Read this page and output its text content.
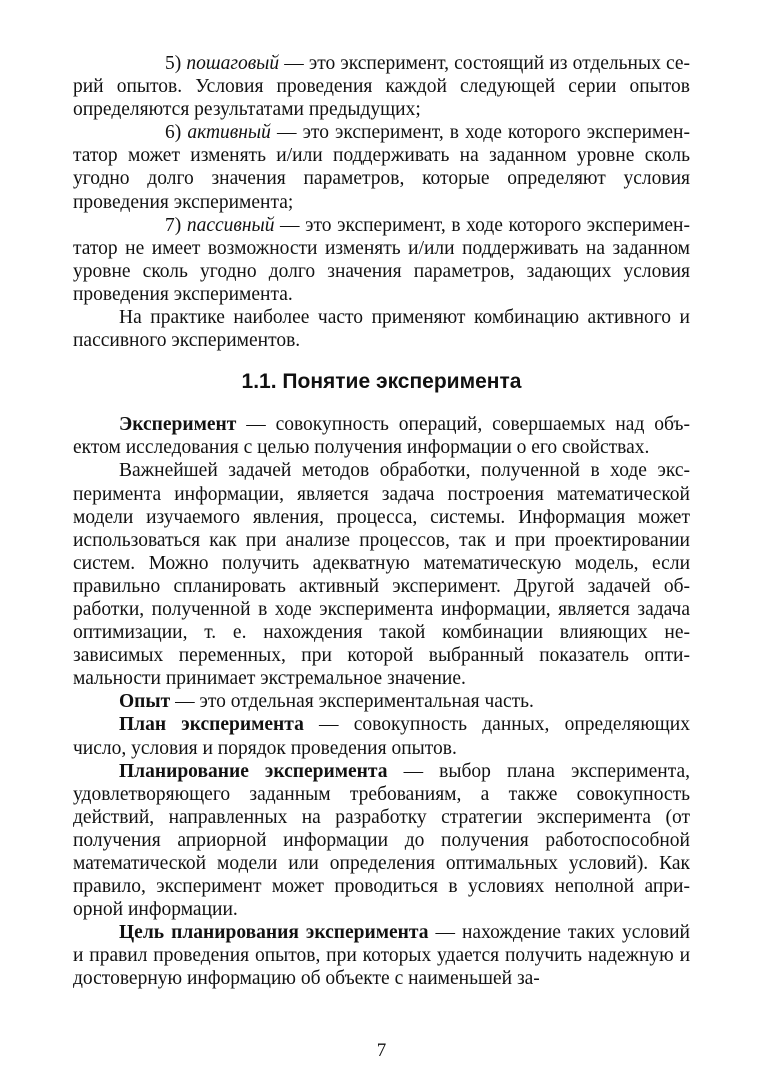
5) пошаговый — это эксперимент, состоящий из отдельных серий опытов. Условия проведения каждой следующей серии опытов определяются результатами предыдущих;

6) активный — это эксперимент, в ходе которого экспериментатор может изменять и/или поддерживать на заданном уровне сколь угодно долго значения параметров, которые определяют условия проведения эксперимента;

7) пассивный — это эксперимент, в ходе которого экспериментатор не имеет возможности изменять и/или поддерживать на заданном уровне сколь угодно долго значения параметров, задающих условия проведения эксперимента.

На практике наиболее часто применяют комбинацию активного и пассивного экспериментов.

1.1. Понятие эксперимента

Эксперимент — совокупность операций, совершаемых над объектом исследования с целью получения информации о его свойствах.

Важнейшей задачей методов обработки, полученной в ходе эксперимента информации, является задача построения математической модели изучаемого явления, процесса, системы. Информация может использоваться как при анализе процессов, так и при проектировании систем. Можно получить адекватную математическую модель, если правильно спланировать активный эксперимент. Другой задачей обработки, полученной в ходе эксперимента информации, является задача оптимизации, т. е. нахождения такой комбинации влияющих независимых переменных, при которой выбранный показатель оптимальности принимает экстремальное значение.

Опыт — это отдельная экспериментальная часть.

План эксперимента — совокупность данных, определяющих число, условия и порядок проведения опытов.

Планирование эксперимента — выбор плана эксперимента, удовлетворяющего заданным требованиям, а также совокупность действий, направленных на разработку стратегии эксперимента (от получения априорной информации до получения работоспособной математической модели или определения оптимальных условий). Как правило, эксперимент может проводиться в условиях неполной априорной информации.

Цель планирования эксперимента — нахождение таких условий и правил проведения опытов, при которых удается получить надежную и достоверную информацию об объекте с наименьшей за-

7
